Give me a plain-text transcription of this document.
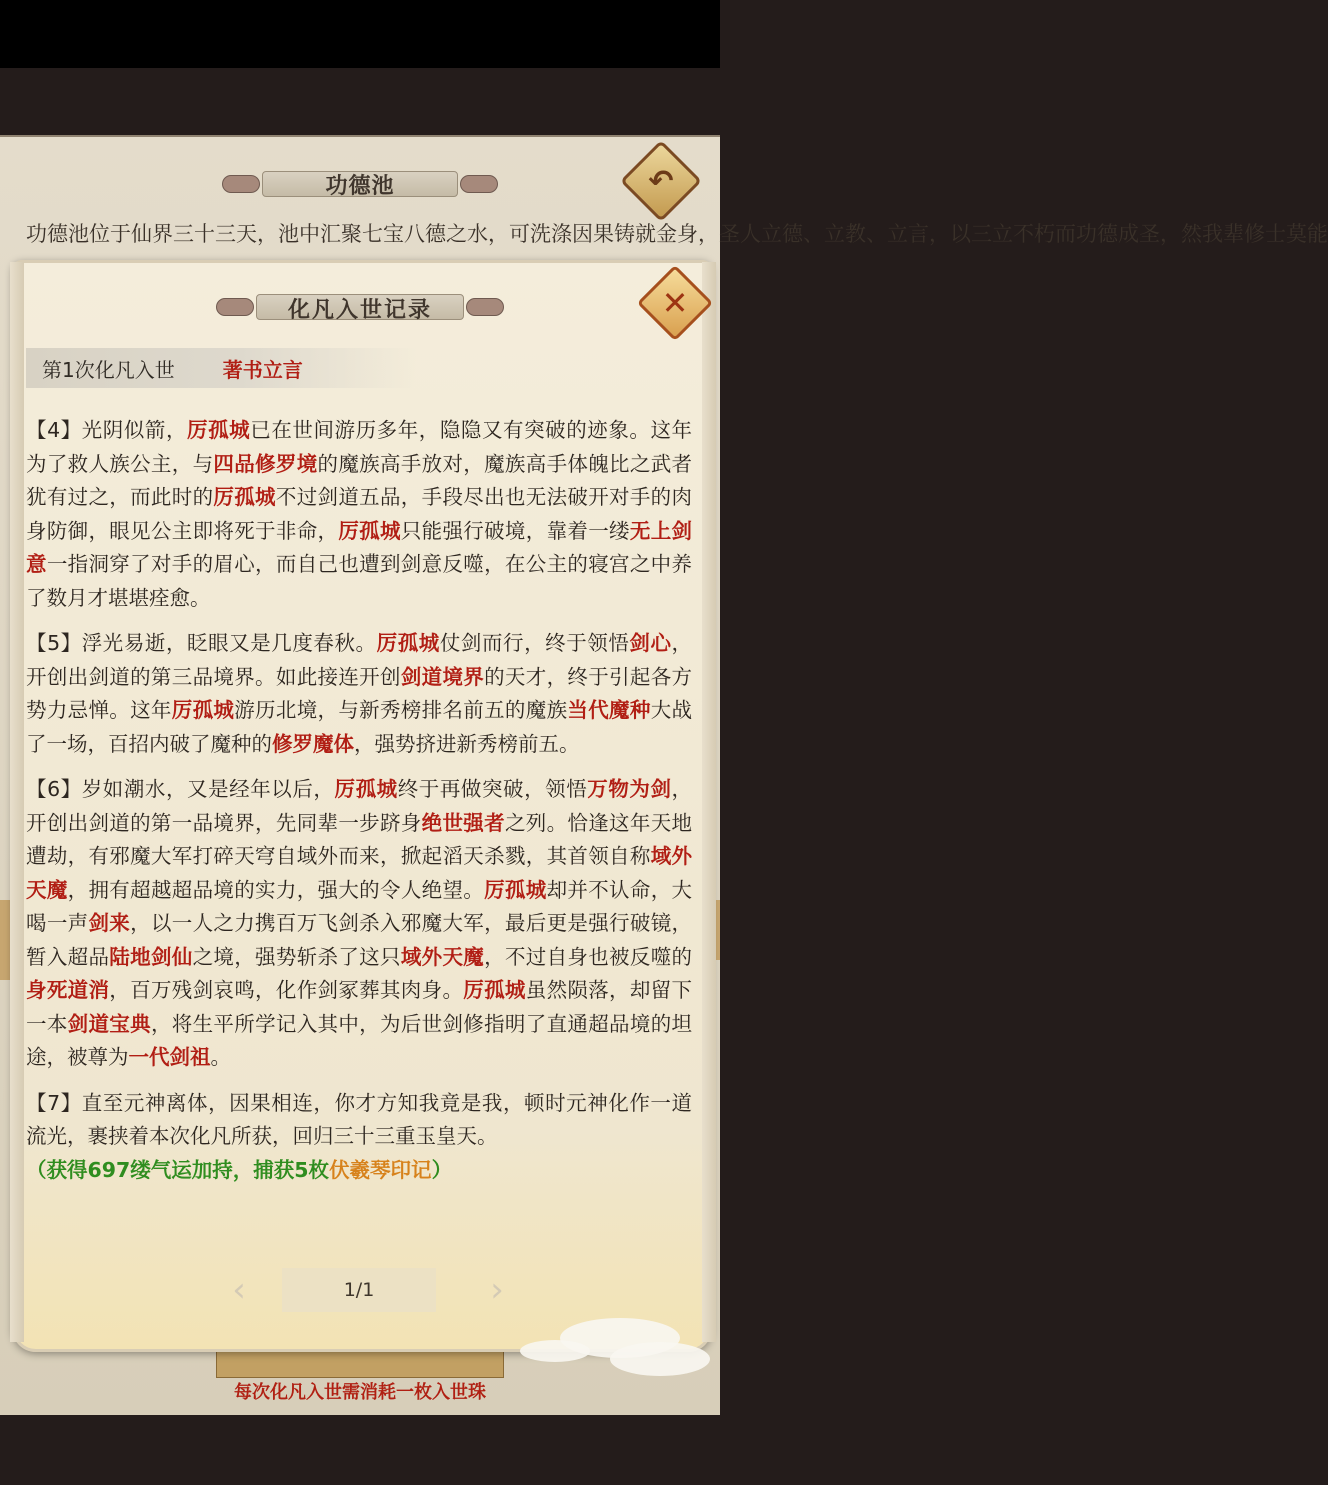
功德池	↶
功德池位于仙界三十三天，池中汇聚七宝八德之水，可洗涤因果铸就金身，圣人立德、立教、立言，以三立不朽而功德成圣，然我辈修士莫能
每次化凡入世需消耗一枚入世珠
化凡入世记录	✕
第1次化凡入世 著书立言
【4】光阴似箭，厉孤城已在世间游历多年，隐隐又有突破的迹象。这年为了救人族公主，与四品修罗境的魔族高手放对，魔族高手体魄比之武者犹有过之，而此时的厉孤城不过剑道五品，手段尽出也无法破开对手的肉身防御，眼见公主即将死于非命，厉孤城只能强行破境，靠着一缕无上剑意一指洞穿了对手的眉心，而自己也遭到剑意反噬，在公主的寝宫之中养了数月才堪堪痊愈。
【5】浮光易逝，眨眼又是几度春秋。厉孤城仗剑而行，终于领悟剑心，开创出剑道的第三品境界。如此接连开创剑道境界的天才，终于引起各方势力忌惮。这年厉孤城游历北境，与新秀榜排名前五的魔族当代魔种大战了一场，百招内破了魔种的修罗魔体，强势挤进新秀榜前五。
【6】岁如潮水，又是经年以后，厉孤城终于再做突破，领悟万物为剑，开创出剑道的第一品境界，先同辈一步跻身绝世强者之列。恰逢这年天地遭劫，有邪魔大军打碎天穹自域外而来，掀起滔天杀戮，其首领自称域外天魔，拥有超越超品境的实力，强大的令人绝望。厉孤城却并不认命，大喝一声剑来，以一人之力携百万飞剑杀入邪魔大军，最后更是强行破镜，暂入超品陆地剑仙之境，强势斩杀了这只域外天魔，不过自身也被反噬的身死道消，百万残剑哀鸣，化作剑冢葬其肉身。厉孤城虽然陨落，却留下一本剑道宝典，将生平所学记入其中，为后世剑修指明了直通超品境的坦途，被尊为一代剑祖。
【7】直至元神离体，因果相连，你才方知我竟是我，顿时元神化作一道流光，裹挟着本次化凡所获，回归三十三重玉皇天。
（获得697缕气运加持，捕获5枚伏羲琴印记）
1/1
‹	›
